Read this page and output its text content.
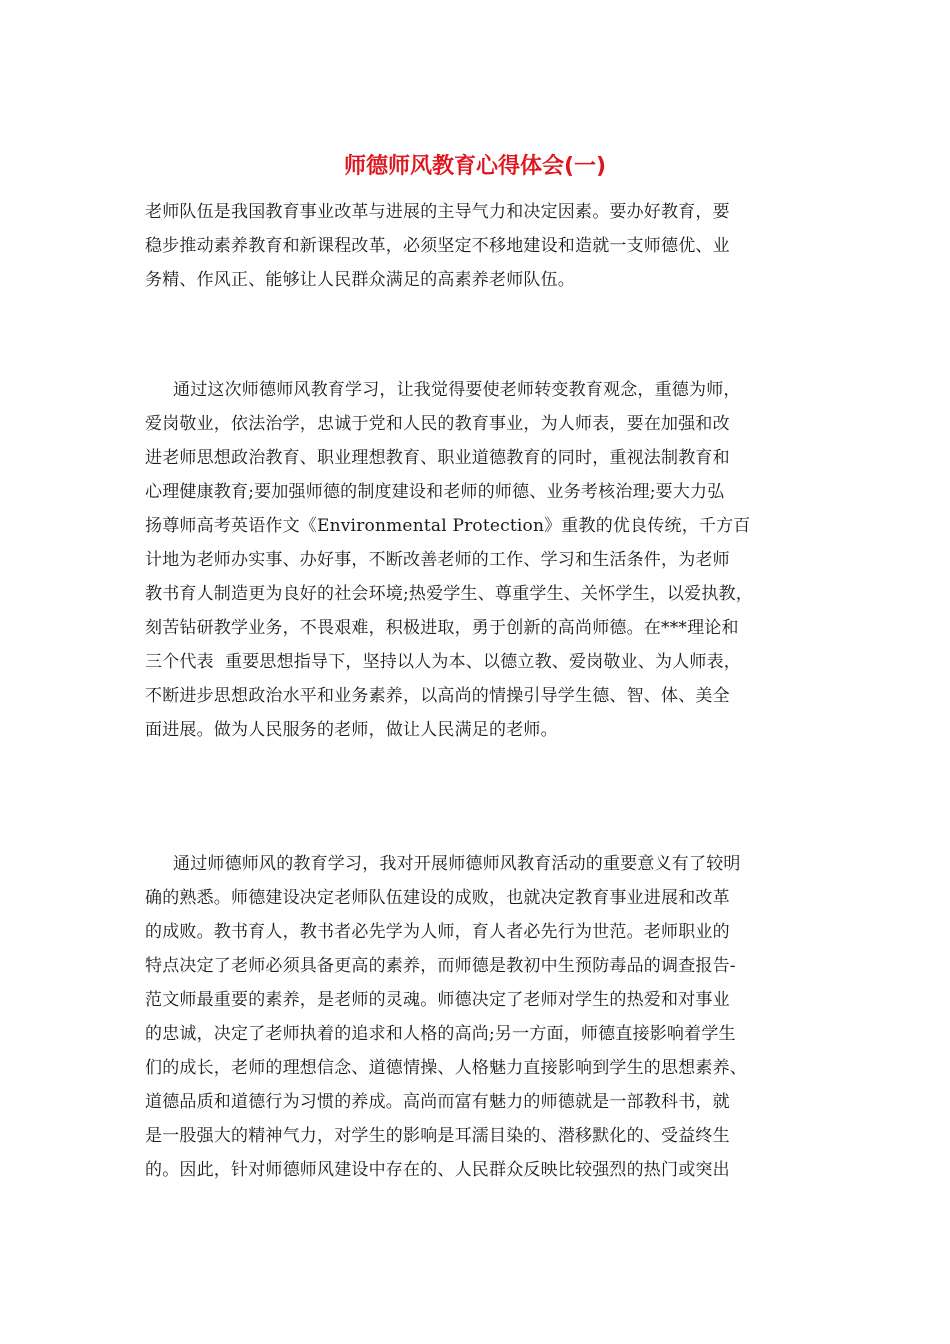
师德师风教育心得体会(一)
老师队伍是我国教育事业改革与进展的主导气力和决定因素。要办好教育，要
稳步推动素养教育和新课程改革，必须坚定不移地建设和造就一支师德优、业
务精、作风正、能够让人民群众满足的高素养老师队伍。
通过这次师德师风教育学习，让我觉得要使老师转变教育观念，重德为师，
爱岗敬业，依法治学，忠诚于党和人民的教育事业，为人师表，要在加强和改
进老师思想政治教育、职业理想教育、职业道德教育的同时，重视法制教育和
心理健康教育;要加强师德的制度建设和老师的师德、业务考核治理;要大力弘
扬尊师高考英语作文《Environmental Protection》重教的优良传统，千方百
计地为老师办实事、办好事，不断改善老师的工作、学习和生活条件，为老师
教书育人制造更为良好的社会环境;热爱学生、尊重学生、关怀学生，以爱执教，
刻苦钻研教学业务，不畏艰难，积极进取，勇于创新的高尚师德。在***理论和
三个代表  重要思想指导下，坚持以人为本、以德立教、爱岗敬业、为人师表，
不断进步思想政治水平和业务素养，以高尚的情操引导学生德、智、体、美全
面进展。做为人民服务的老师，做让人民满足的老师。
通过师德师风的教育学习，我对开展师德师风教育活动的重要意义有了较明
确的熟悉。师德建设决定老师队伍建设的成败，也就决定教育事业进展和改革
的成败。教书育人，教书者必先学为人师，育人者必先行为世范。老师职业的
特点决定了老师必须具备更高的素养，而师德是教初中生预防毒品的调查报告-
范文师最重要的素养，是老师的灵魂。师德决定了老师对学生的热爱和对事业
的忠诚，决定了老师执着的追求和人格的高尚;另一方面，师德直接影响着学生
们的成长，老师的理想信念、道德情操、人格魅力直接影响到学生的思想素养、
道德品质和道德行为习惯的养成。高尚而富有魅力的师德就是一部教科书，就
是一股强大的精神气力，对学生的影响是耳濡目染的、潜移默化的、受益终生
的。因此，针对师德师风建设中存在的、人民群众反映比较强烈的热门或突出
